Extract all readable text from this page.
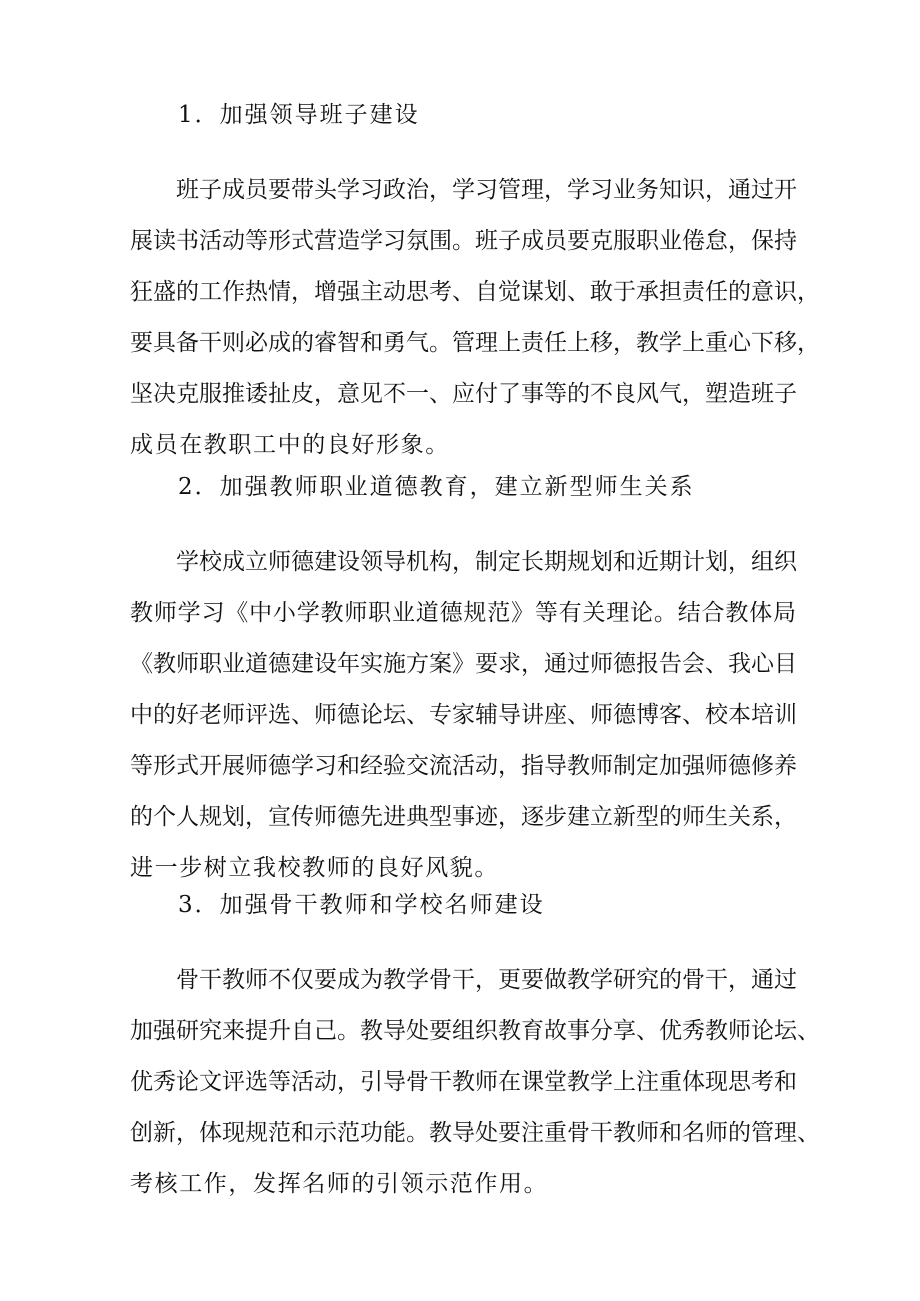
1．加强领导班子建设
班子成员要带头学习政治，学习管理，学习业务知识，通过开
展读书活动等形式营造学习氛围。班子成员要克服职业倦怠，保持
狂盛的工作热情，增强主动思考、自觉谋划、敢于承担责任的意识，
要具备干则必成的睿智和勇气。管理上责任上移，教学上重心下移，
坚决克服推诿扯皮，意见不一、应付了事等的不良风气，塑造班子
成员在教职工中的良好形象。
2．加强教师职业道德教育，建立新型师生关系
学校成立师德建设领导机构，制定长期规划和近期计划，组织
教师学习《中小学教师职业道德规范》等有关理论。结合教体局
《教师职业道德建设年实施方案》要求，通过师德报告会、我心目
中的好老师评选、师德论坛、专家辅导讲座、师德博客、校本培训
等形式开展师德学习和经验交流活动，指导教师制定加强师德修养
的个人规划，宣传师德先进典型事迹，逐步建立新型的师生关系，
进一步树立我校教师的良好风貌。
3．加强骨干教师和学校名师建设
骨干教师不仅要成为教学骨干，更要做教学研究的骨干，通过
加强研究来提升自己。教导处要组织教育故事分享、优秀教师论坛、
优秀论文评选等活动，引导骨干教师在课堂教学上注重体现思考和
创新，体现规范和示范功能。教导处要注重骨干教师和名师的管理、
考核工作，发挥名师的引领示范作用。
